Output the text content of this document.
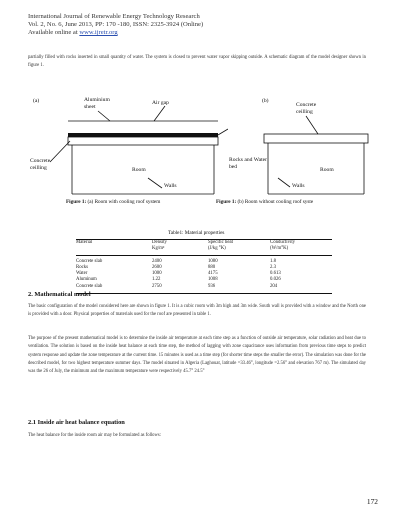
International Journal of Renewable Energy Technology Research
Vol. 2, No. 6, June 2013, PP: 170 -180, ISSN: 2325-3924 (Online)
Available online at www.ijretr.org
partially filled with rocks inserted in small quantity of water. The system is closed to prevent water vapor skipping outside. A schematic diagram of the model designer shown in figure 1.
(a)	Aluminium sheet
Air gap
Concrete ceilling
Rocks and Water bed
Room
Walls
(b)
Concrete ceilling
Room
Walls
Figure 1: (a) Room with cooling roof system	Figure 1: (b) Room without cooling roof syste
Table1: Material properties
Material	Density	Specific heat	Conductivity
	Kg/m³	(J/kg °K)	(W/m°K)

Concrete slab	2400	1080	1.8
Rocks	2600	880	2.3
Water	1000	4175	0.613
Aluminum	1.22	1008	0.026
Concrete slab	2750	936	204

2. Mathematical model
The basic configuration of the model considered here are shown in figure 1. It is a cubic room with 3m high and 3m wide. South wall is provided with a window and the North one is provided with a door. Physical properties of materials used for the roof are presented in table 1.
The purpose of the present mathematical model is to determine the inside air temperature at each time step as a function of outside air temperature, solar radiation and heat due to ventilation. The solution is based on the inside heat balance at each time step, the method of lagging with zone capacitance uses information from previous time steps to predict system response and update the zone temperature at the current time. 15 minutes is used as a time step (for shorter time steps the smaller the error). The simulation was done for the described model, for two highest temperature summer days. The model situated in Algeria (Laghouat, latitude =33.46°, longitude =2.56° and elevation 767 m). The simulated day was the 26 of July, the minimum and the maximum temperature were respectively 45.7° 24.5°
2.1 Inside air heat balance equation
The heat balance for the inside room air may be formulated as follows:
172
